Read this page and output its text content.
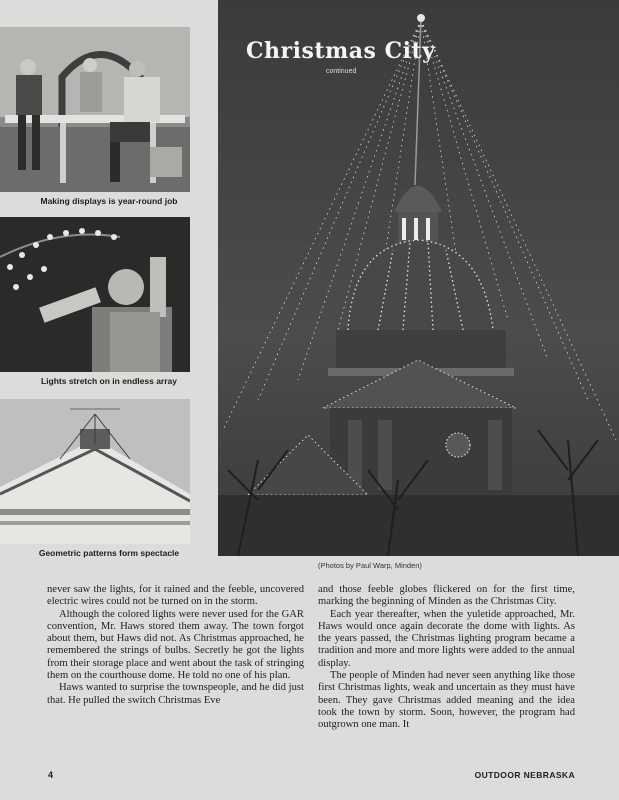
Making displays is year-round job
Lights stretch on in endless array
Geometric patterns form spectacle
Christmas City
continued
(Photos by Paul Warp, Minden)

never saw the lights, for it rained and the feeble, uncovered electric wires could not be turned on in the storm.

Although the colored lights were never used for the GAR convention, Mr. Haws stored them away. The town forgot about them, but Haws did not. As Christmas approached, he remembered the strings of bulbs. Secretly he got the lights from their storage place and went about the task of stringing them on the courthouse dome. He told no one of his plan.

Haws wanted to surprise the townspeople, and he did just that. He pulled the switch Christmas Eve

and those feeble globes flickered on for the first time, marking the beginning of Minden as the Christmas City.

Each year thereafter, when the yuletide approached, Mr. Haws would once again decorate the dome with lights. As the years passed, the Christmas lighting program became a tradition and more and more lights were added to the annual display.

The people of Minden had never seen anything like those first Christmas lights, weak and uncertain as they must have been. They gave Christmas added meaning and the idea took the town by storm. Soon, however, the program had outgrown one man. It

4	OUTDOOR NEBRASKA
